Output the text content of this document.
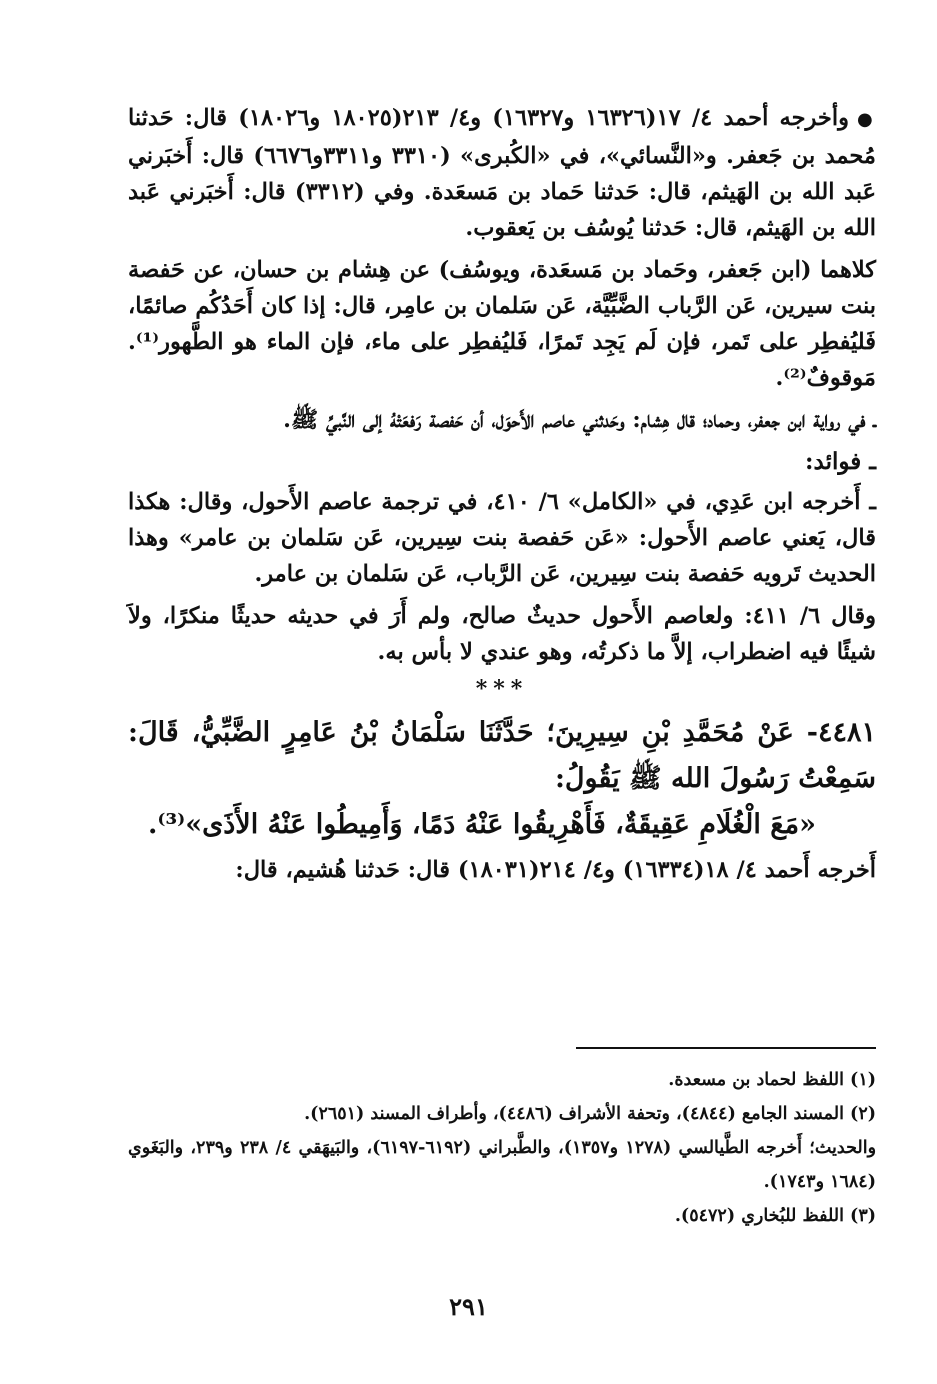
●وأخرجه أحمد ٤/ ١٧(١٦٣٢٦ و١٦٣٢٧) و٤/ ٢١٣(١٨٠٢٥ و١٨٠٢٦) قال: حَدثنا مُحمد بن جَعفر. و«النَّسائي»، في «الكُبرى» (٣٣١٠ و٣٣١١و٦٦٧٦) قال: أَخبَرني عَبد الله بن الهَيثم، قال: حَدثنا حَماد بن مَسعَدة. وفي (٣٣١٢) قال: أَخبَرني عَبد الله بن الهَيثم، قال: حَدثنا يُوسُف بن يَعقوب.

كلاهما (ابن جَعفر، وحَماد بن مَسعَدة، ويوسُف) عن هِشام بن حسان، عن حَفصة بنت سيرين، عَن الرَّباب الضَّبِّيَّة، عَن سَلمان بن عامِر، قال: إذا كان أَحَدُكُم صائمًا، فَليُفطِر على تَمر، فإن لَم يَجِد تَمرًا، فَليُفطِر على ماء، فإن الماء هو الطَّهور⁽¹⁾. مَوقوفٌ⁽²⁾.

ـ في رواية ابن جعفر، وحماد؛ قال هِشام: وحَدثني عاصم الأَحوَل، أن حَفصة رَفعَتْهُ إلى النَّبيِّ ﷺ.

ـ فوائد:

ـ أَخرجه ابن عَدِي، في «الكامل» ٦/ ٤١٠، في ترجمة عاصم الأَحول، وقال: هكذا قال، يَعني عاصم الأَحول: «عَن حَفصة بنت سِيرين، عَن سَلمان بن عامر» وهذا الحديث تَرويه حَفصة بنت سِيرين، عَن الرَّباب، عَن سَلمان بن عامر.

وقال ٦/ ٤١١: ولعاصم الأَحول حديثٌ صالح، ولم أَرَ في حديثه حديثًا منكرًا، ولاَ شيئًا فيه اضطراب، إلاَّ ما ذكرتُه، وهو عندي لا بأس به.

***

٤٤٨١- عَنْ مُحَمَّدِ بْنِ سِيرِينَ؛ حَدَّثَنَا سَلْمَانُ بْنُ عَامِرٍ الضَّبِّيُّ، قَالَ: سَمِعْتُ رَسُولَ الله ﷺ يَقُولُ:

«مَعَ الْغُلَامِ عَقِيقَةٌ، فَأَهْرِيقُوا عَنْهُ دَمًا، وَأَمِيطُوا عَنْهُ الأَذَى»⁽³⁾.

أَخرجه أَحمد ٤/ ١٨(١٦٣٣٤) و٤/ ٢١٤(١٨٠٣١) قال: حَدثنا هُشيم، قال:

(١) اللفظ لحماد بن مسعدة.

(٢) المسند الجامع (٤٨٤٤)، وتحفة الأشراف (٤٤٨٦)، وأطراف المسند (٢٦٥١).

والحديث؛ أَخرجه الطَّيالسي (١٢٧٨ و١٣٥٧)، والطَّبراني (٦١٩٢-٦١٩٧)، والبَيهَقي ٤/ ٢٣٨ و٢٣٩، والبَغَوي (١٦٨٤ و١٧٤٣).

(٣) اللفظ للبُخاري (٥٤٧٢).

٢٩١
